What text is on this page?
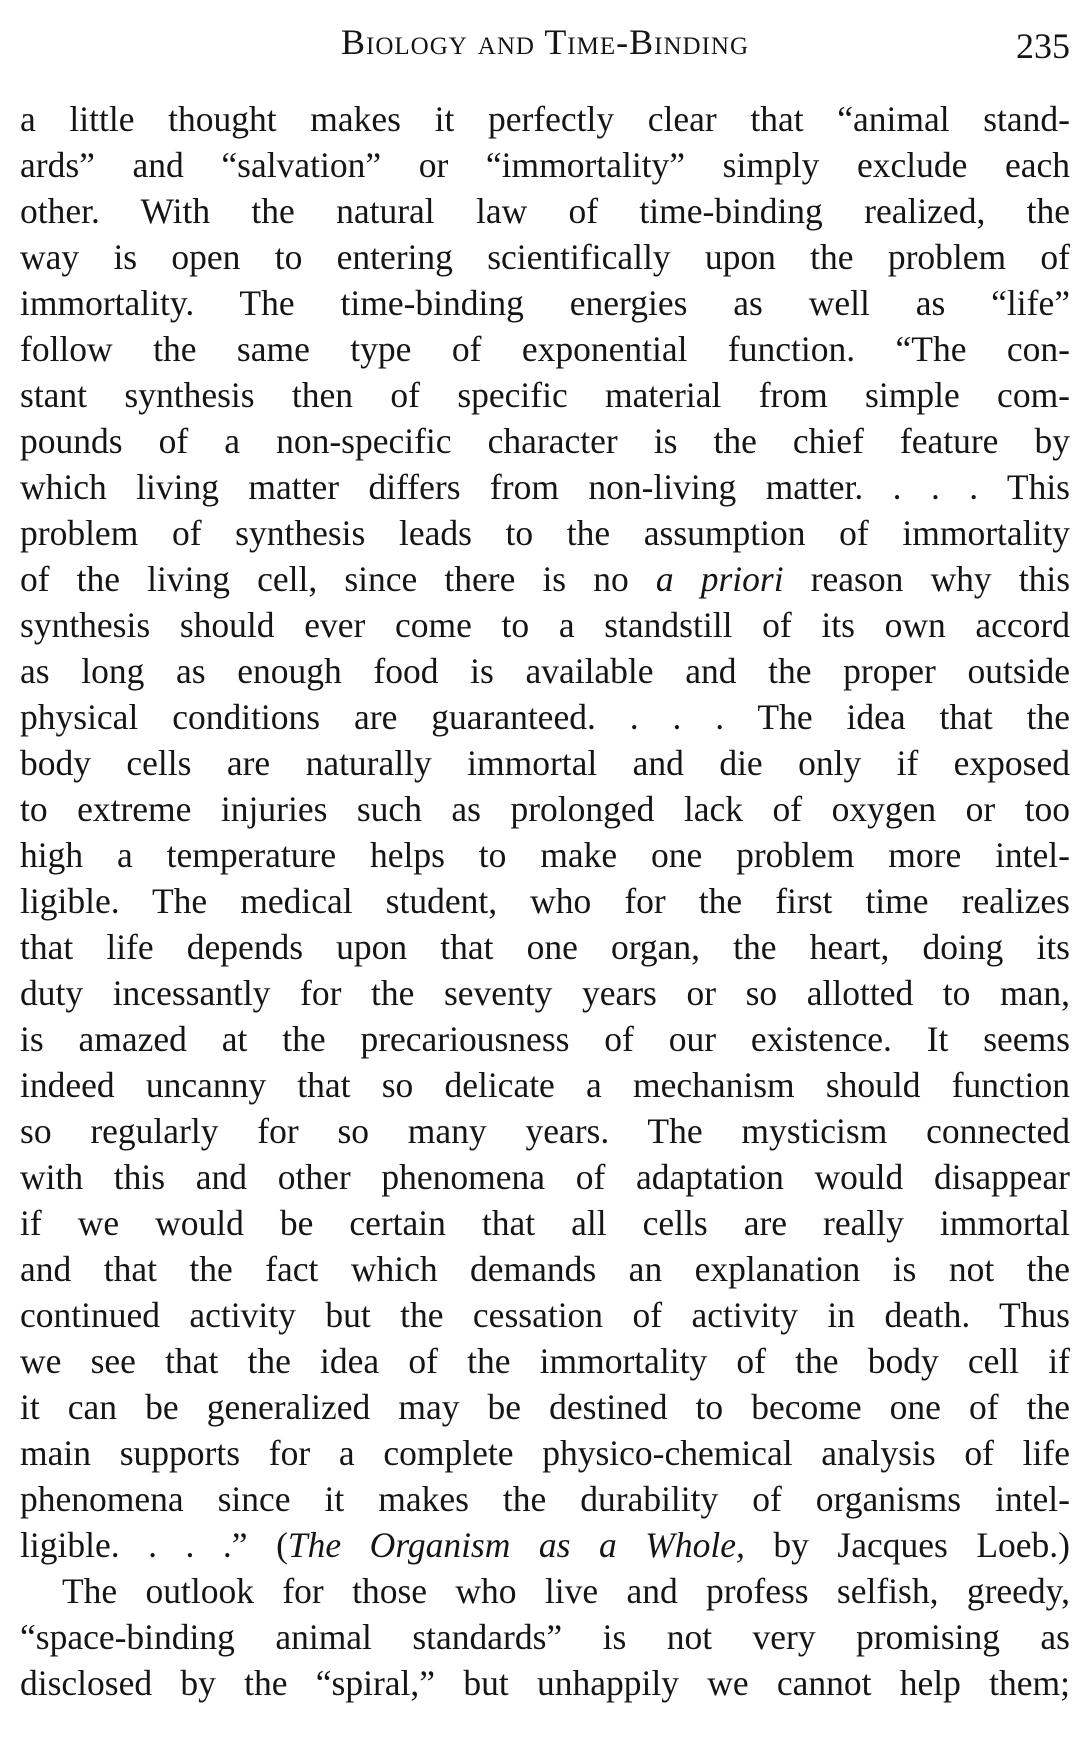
Biology and Time-Binding	235
a little thought makes it perfectly clear that “animal stand-
ards” and “salvation” or “immortality” simply exclude each
other. With the natural law of time-binding realized, the
way is open to entering scientifically upon the problem of
immortality. The time-binding energies as well as “life”
follow the same type of exponential function. “The con-
stant synthesis then of specific material from simple com-
pounds of a non-specific character is the chief feature by
which living matter differs from non-living matter. . . . This
problem of synthesis leads to the assumption of immortality
of the living cell, since there is no a priori reason why this
synthesis should ever come to a standstill of its own accord
as long as enough food is available and the proper outside
physical conditions are guaranteed. . . . The idea that the
body cells are naturally immortal and die only if exposed
to extreme injuries such as prolonged lack of oxygen or too
high a temperature helps to make one problem more intel-
ligible. The medical student, who for the first time realizes
that life depends upon that one organ, the heart, doing its
duty incessantly for the seventy years or so allotted to man,
is amazed at the precariousness of our existence. It seems
indeed uncanny that so delicate a mechanism should function
so regularly for so many years. The mysticism connected
with this and other phenomena of adaptation would disappear
if we would be certain that all cells are really immortal
and that the fact which demands an explanation is not the
continued activity but the cessation of activity in death. Thus
we see that the idea of the immortality of the body cell if
it can be generalized may be destined to become one of the
main supports for a complete physico-chemical analysis of life
phenomena since it makes the durability of organisms intel-
ligible. . . .” (The Organism as a Whole, by Jacques Loeb.)
The outlook for those who live and profess selfish, greedy,
“space-binding animal standards” is not very promising as
disclosed by the “spiral,” but unhappily we cannot help them;
